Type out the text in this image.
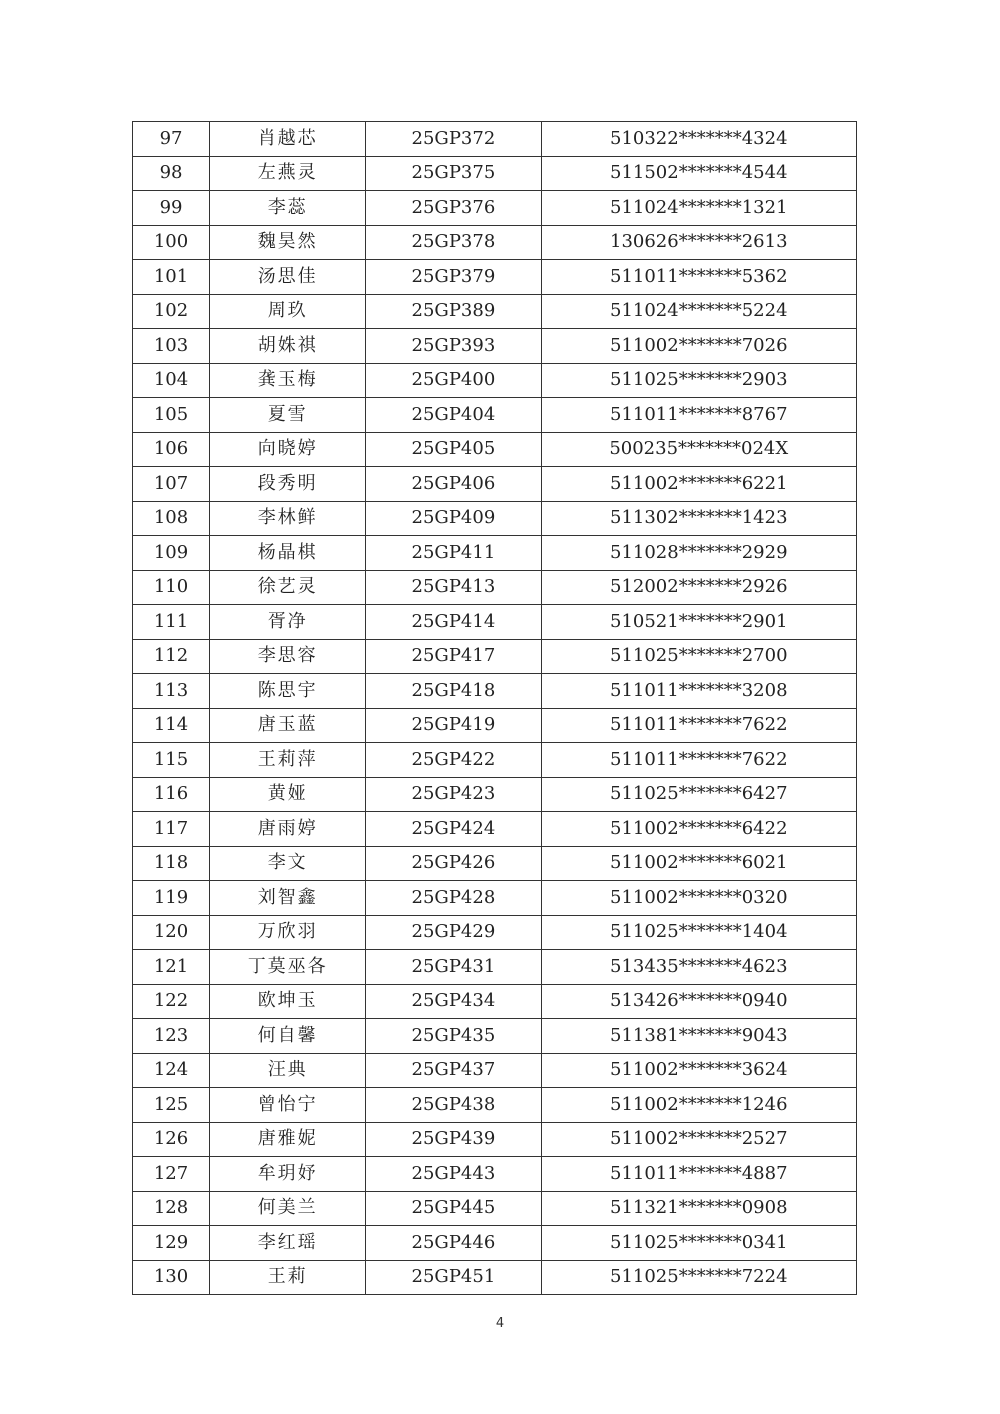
97	肖越芯	25GP372	510322*******4324
98	左燕灵	25GP375	511502*******4544
99	李蕊	25GP376	511024*******1321
100	魏昊然	25GP378	130626*******2613
101	汤思佳	25GP379	511011*******5362
102	周玖	25GP389	511024*******5224
103	胡姝祺	25GP393	511002*******7026
104	龚玉梅	25GP400	511025*******2903
105	夏雪	25GP404	511011*******8767
106	向晓婷	25GP405	500235*******024X
107	段秀明	25GP406	511002*******6221
108	李林鲜	25GP409	511302*******1423
109	杨晶棋	25GP411	511028*******2929
110	徐艺灵	25GP413	512002*******2926
111	胥净	25GP414	510521*******2901
112	李思容	25GP417	511025*******2700
113	陈思宇	25GP418	511011*******3208
114	唐玉蓝	25GP419	511011*******7622
115	王莉萍	25GP422	511011*******7622
116	黄娅	25GP423	511025*******6427
117	唐雨婷	25GP424	511002*******6422
118	李文	25GP426	511002*******6021
119	刘智鑫	25GP428	511002*******0320
120	万欣羽	25GP429	511025*******1404
121	丁莫巫各	25GP431	513435*******4623
122	欧坤玉	25GP434	513426*******0940
123	何自馨	25GP435	511381*******9043
124	汪典	25GP437	511002*******3624
125	曾怡宁	25GP438	511002*******1246
126	唐雅妮	25GP439	511002*******2527
127	牟玥妤	25GP443	511011*******4887
128	何美兰	25GP445	511321*******0908
129	李红瑶	25GP446	511025*******0341
130	王莉	25GP451	511025*******7224
4
